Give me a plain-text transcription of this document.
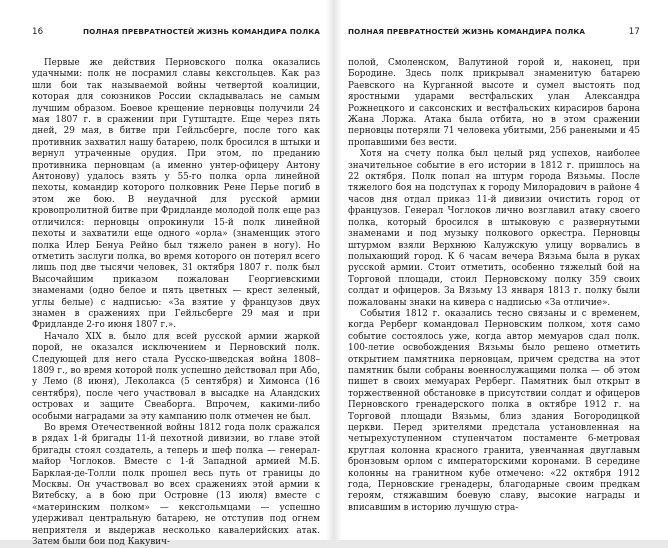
16	ПОЛНАЯ ПРЕВРАТНОСТЕЙ ЖИЗНЬ КОМАНДИРА ПОЛКА

Первые же действия Перновского полка оказались удачными: полк не посрамил славы кексгольцев. Как раз шли бои так называемой войны четвертой коалиции, которая для союзников России складывалась не самым лучшим образом. Боевое крещение перновцы получили 24 мая 1807 г. в сражении при Гутштадте. Еще через пять дней, 29 мая, в битве при Гейльсберге, после того как противник захватил нашу батарею, полк бросился в штыки и вернул утраченные орудия. При этом, по преданию противника перновцам (а именно унтер-офицеру Антону Антонову) удалось взять у 55-го полка орла линейной пехоты, командир которого полковник Рене Перье погиб в этом же бою. В неудачной для русской армии кровопролитной битве при Фридланде молодой полк еще раз отличился: перновцы опрокинули 15-й полк линейной пехоты и захватили еще одного «орла» (знаменщик этого полка Илер Бенуа Рейно был тяжело ранен в ногу). Но отметить заслуги полка, во время которого он потерял всего лишь под две тысячи человек, 31 октября 1807 г. полк был Высочайшим приказом пожалован Георгиевскими знаменами (одно белое и пять цветных — крест зеленый, углы белые) с надписью: «За взятие у французов двух знамен в сражениях при Гейльсберге 29 мая и при Фридланде 2-го июня 1807 г.».

Начало XIX в. было для всей русской армии жаркой порой, не оказался исключением и Перновский полк. Следующей для него стала Русско-шведская война 1808–1809 г., во время которой полк успешно действовал при Або, у Лемо (8 июня), Леколакса (5 сентября) и Химонса (16 сентября), после чего участвовал в высадке на Аландских островах и защите Свеаборга. Впрочем, какими-либо особыми наградами за эту кампанию полк отмечен не был.

Во время Отечественной войны 1812 года полк сражался в рядах 1-й бригады 11-й пехотной дивизии, во главе этой бригады стоял создатель, а теперь и шеф полка — генерал-майор Чоглоков. Вместе с 1-й Западной армией М.Б. Барклая-де-Толли полк прошел весь путь от границы до Москвы. Он участвовал во всех сражениях этой армии к Витебску, а в бою при Островне (13 июля) вместе с «материнским полком» — кексгольмцами — успешно удерживал центральную батарею, не отступив под огнем неприятеля и выдержав несколько кавалерийских атак. Затем были бои под Какувич-

ПОЛНАЯ ПРЕВРАТНОСТЕЙ ЖИЗНЬ КОМАНДИРА ПОЛКА	17

полой, Смоленском, Валутиной горой и, наконец, при Бородине. Здесь полк прикрывал знаменитую батарею Раевского на Курганной высоте и сумел выстоять под яростными ударами вестфальских улан Александра Рожнецкого и саксонских и вестфальских кирасиров барона Жана Лоржа. Атака была отбита, но в этом сражении перновцы потеряли 71 человека убитыми, 256 ранеными и 45 пропавшими без вести.

Хотя на счету полка был целый ряд успехов, наиболее значительное событие в его истории в 1812 г. пришлось на 22 октября. Полк попал на штурм города Вязьмы. После тяжелого боя на подступах к городу Милорадович в районе 4 часов дня отдал приказ 11-й дивизии очистить город от французов. Генерал Чоглоков лично возглавил атаку своего полка, который бросился в штыковую с развернутыми знаменами и под музыку полкового оркестра. Перновцы штурмом взяли Верхнюю Калужскую улицу ворвались в полыхающий город. К 6 часам вечера Вязьма была в руках русской армии. Стоит отметить, особенно тяжелый бой на Торговой площади, стоил Перновскому полку 359 своих солдат и офицеров. За Вязьму 13 января 1813 г. полку были пожалованы знаки на кивера с надписью «За отличие».

События 1812 г. оказались тесно связаны и с временем, когда Рерберг командовал Перновским полком, хотя само событие состоялось уже, когда автор мемуаров сдал полк. 100-летие освобождения Вязьмы было решено отметить открытием памятника перновцам, причем средства на этот памятник были собраны военнослужащими полка — об этом пишет в своих мемуарах Рерберг. Памятник был открыт в торжественной обстановке в присутствии солдат и офицеров Перновского гренадерского полка в октябре 1912 г. на Торговой площади Вязьмы, близ здания Богородицкой церкви. Перед зрителями предстала установленная на четырехуступенном ступенчатом постаменте 6-метровая круглая колонна красного гранита, увенчанная двуглавым бронзовым орлом с императорскими коронами. В середине колонны на гранитном кубе отмечено: «22 октября 1912 года, Перновские гренадеры, благодарные своим предкам героям, стяжавшим боевую славу, высокие награды и вписавшим в историю лучшую стра-
